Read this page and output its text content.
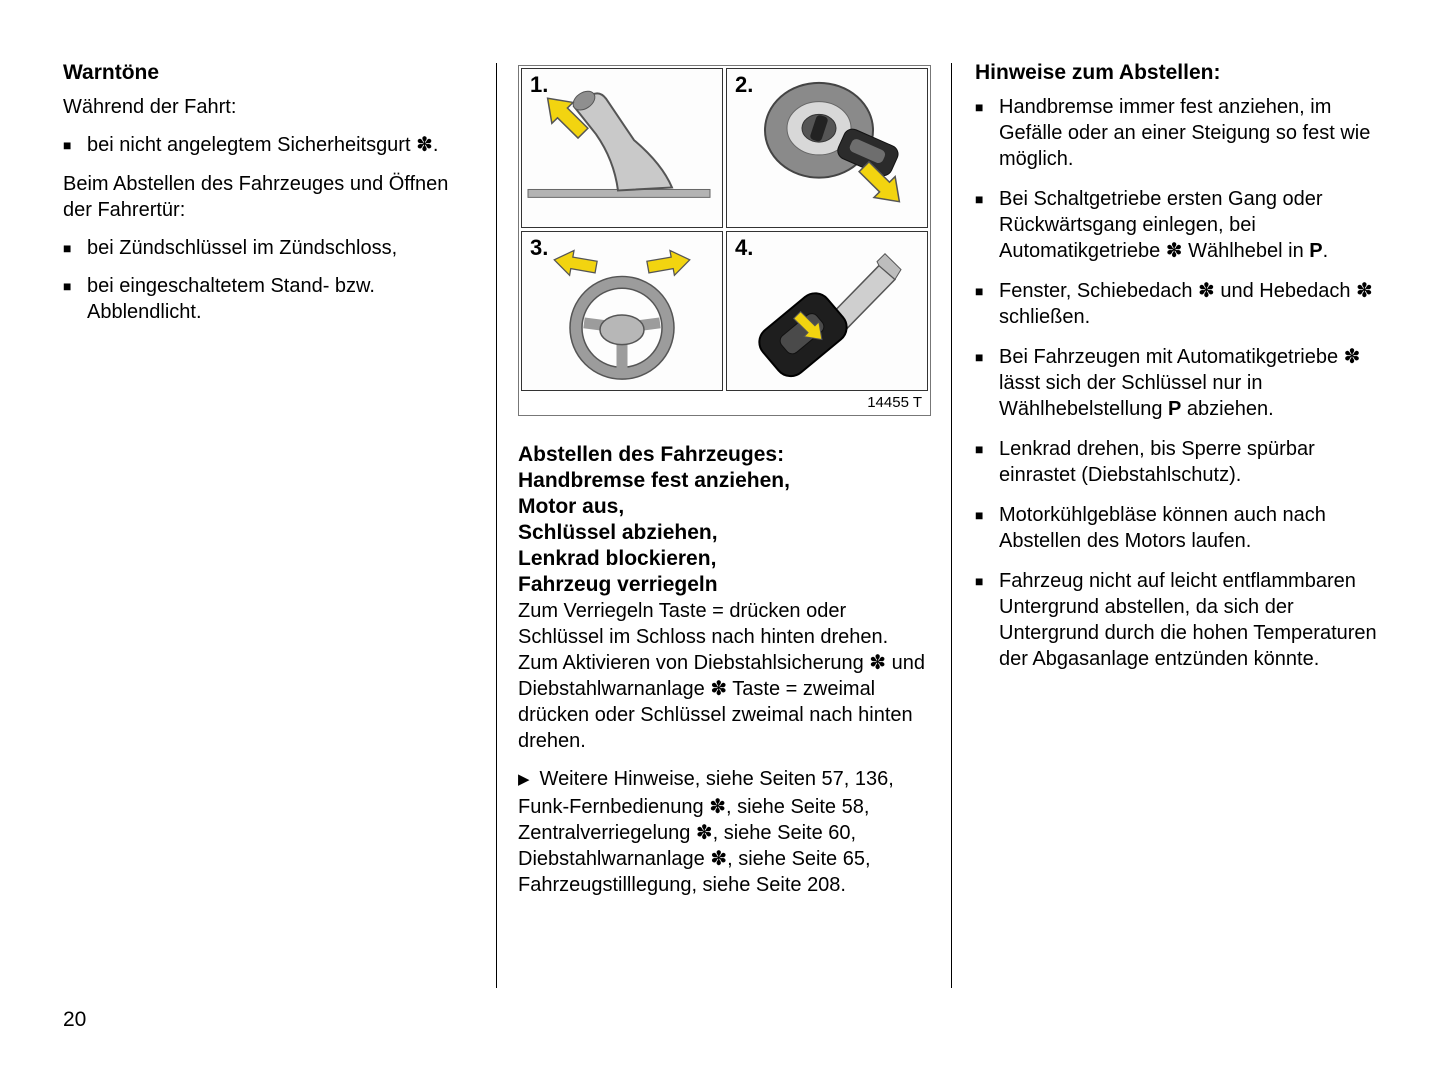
Warntöne

Während der Fahrt:

■ bei nicht angelegtem Sicherheitsgurt ✽.

Beim Abstellen des Fahrzeuges und Öffnen der Fahrertür:

■ bei Zündschlüssel im Zündschloss,
■ bei eingeschaltetem Stand- bzw. Abblendlicht.
1.	2.
3.	4.
14455 T
Abstellen des Fahrzeuges:
Handbremse fest anziehen,
Motor aus,
Schlüssel abziehen,
Lenkrad blockieren,
Fahrzeug verriegeln

Zum Verriegeln Taste = drücken oder Schlüssel im Schloss nach hinten drehen. Zum Aktivieren von Diebstahlsicherung ✽ und Diebstahlwarnanlage ✽ Taste = zweimal drücken oder Schlüssel zweimal nach hinten drehen.

▶ Weitere Hinweise, siehe Seiten 57, 136, Funk-Fernbedienung ✽, siehe Seite 58, Zentralverriegelung ✽, siehe Seite 60, Diebstahlwarnanlage ✽, siehe Seite 65, Fahrzeugstilllegung, siehe Seite 208.

Hinweise zum Abstellen:
■ Handbremse immer fest anziehen, im Gefälle oder an einer Steigung so fest wie möglich.
■ Bei Schaltgetriebe ersten Gang oder Rückwärtsgang einlegen, bei Automatikgetriebe ✽ Wählhebel in P.
■ Fenster, Schiebedach ✽ und Hebedach ✽ schließen.
■ Bei Fahrzeugen mit Automatikgetriebe ✽ lässt sich der Schlüssel nur in Wählhebelstellung P abziehen.
■ Lenkrad drehen, bis Sperre spürbar einrastet (Diebstahlschutz).
■ Motorkühlgebläse können auch nach Abstellen des Motors laufen.
■ Fahrzeug nicht auf leicht entflammbaren Untergrund abstellen, da sich der Untergrund durch die hohen Temperaturen der Abgasanlage entzünden könnte.
20
